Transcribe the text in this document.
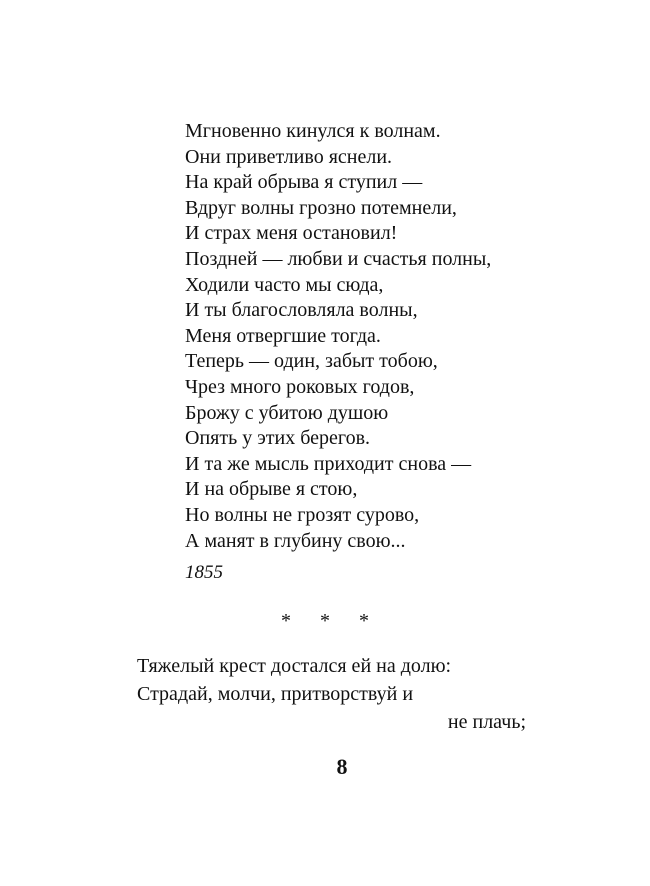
Мгновенно кинулся к волнам.
Они приветливо яснели.
На край обрыва я ступил —
Вдруг волны грозно потемнели,
И страх меня остановил!
Поздней — любви и счастья полны,
Ходили часто мы сюда,
И ты благословляла волны,
Меня отвергшие тогда.
Теперь — один, забыт тобою,
Чрез много роковых годов,
Брожу с убитою душою
Опять у этих берегов.
И та же мысль приходит снова —
И на обрыве я стою,
Но волны не грозят сурово,
А манят в глубину свою...
1855
* * *
Тяжелый крест достался ей на долю:
Страдай, молчи, притворствуй и
не плачь;
8
